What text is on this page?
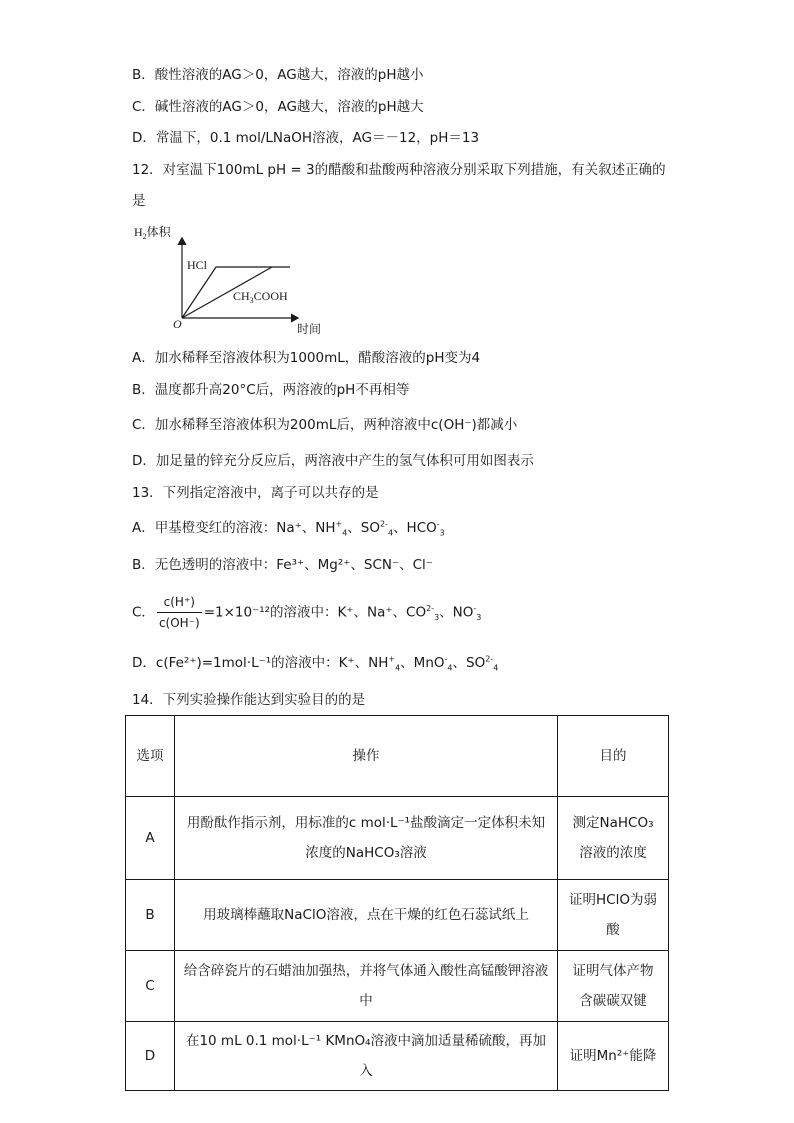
B．酸性溶液的AG＞0，AG越大，溶液的pH越小
C．碱性溶液的AG＞0，AG越大，溶液的pH越大
D．常温下，0.1 mol/LNaOH溶液，AG＝－12，pH＝13
12．对室温下100mL pH = 3的醋酸和盐酸两种溶液分别采取下列措施，有关叙述正确的
是
$H_2$体积
HCl
$CH_3COOH$
O	时间
A．加水稀释至溶液体积为1000mL，醋酸溶液的pH变为4
B．温度都升高20°C后，两溶液的pH不再相等
C．加水稀释至溶液体积为200mL后，两种溶液中c(OH⁻)都减小
D．加足量的锌充分反应后，两溶液中产生的氢气体积可用如图表示
13．下列指定溶液中，离子可以共存的是
A．甲基橙变红的溶液：Na⁺、$NH^+_4$、$SO^{2-}_4$、$HCO^-_3$
B．无色透明的溶液中：Fe³⁺、Mg²⁺、SCN⁻、Cl⁻
C． $\frac{c(H^+)}{c(OH^-)} =1\times 10^{-12}$的溶液中：K⁺、Na⁺、$CO^{2-}_3$、$NO^-_3$
D．c(Fe²⁺)=1mol·L⁻¹的溶液中：K⁺、$NH^+_4$、MnO-$_4$、$SO^{2-}_4$
14．下列实验操作能达到实验目的的是
选项	操作	目的
A	用酚酞作指示剂，用标准的c mol·L⁻¹盐酸滴定一定体积未知浓度的NaHCO₃溶液	测定NaHCO₃溶液的浓度
B	用玻璃棒蘸取NaClO溶液，点在干燥的红色石蕊试纸上	证明HClO为弱酸
C	给含碎瓷片的石蜡油加强热，并将气体通入酸性高锰酸钾溶液中	证明气体产物含碳碳双键
D	在10 mL 0.1 mol·L⁻¹ KMnO₄溶液中滴加适量稀硫酸，再加入	证明Mn²⁺能降
